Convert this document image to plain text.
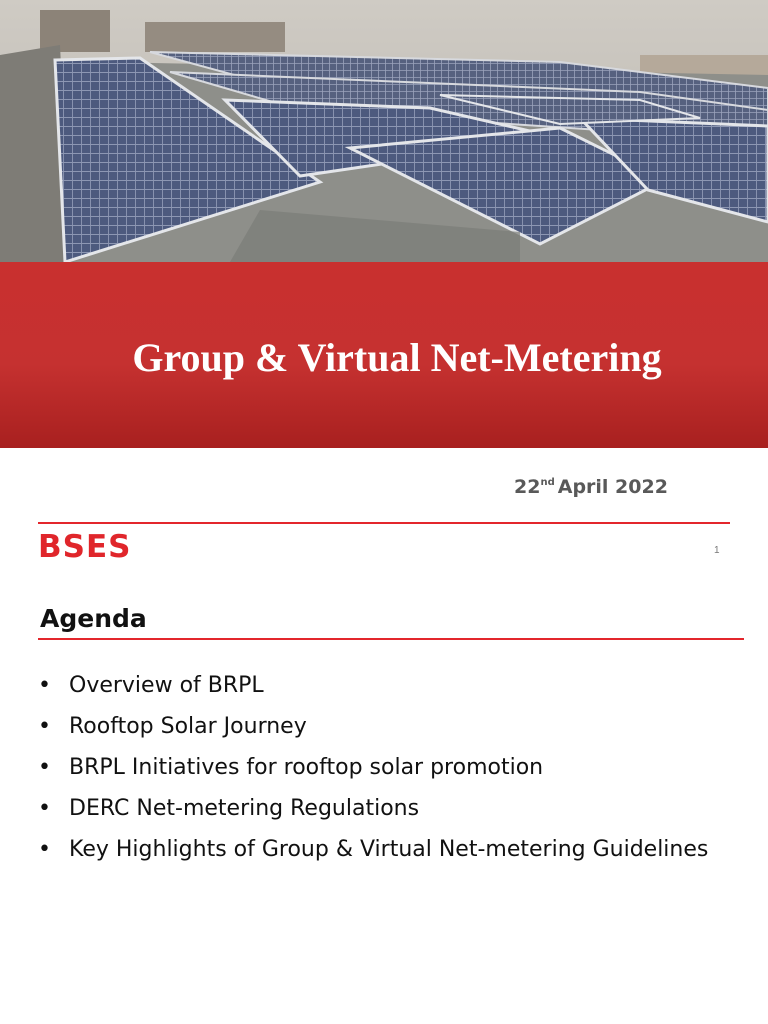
Group & Virtual Net-Metering
22nd April 2022
BSES	1
Agenda
• Overview of BRPL
• Rooftop Solar Journey
• BRPL Initiatives for rooftop solar promotion
• DERC Net-metering Regulations
• Key Highlights of Group & Virtual Net-metering Guidelines
